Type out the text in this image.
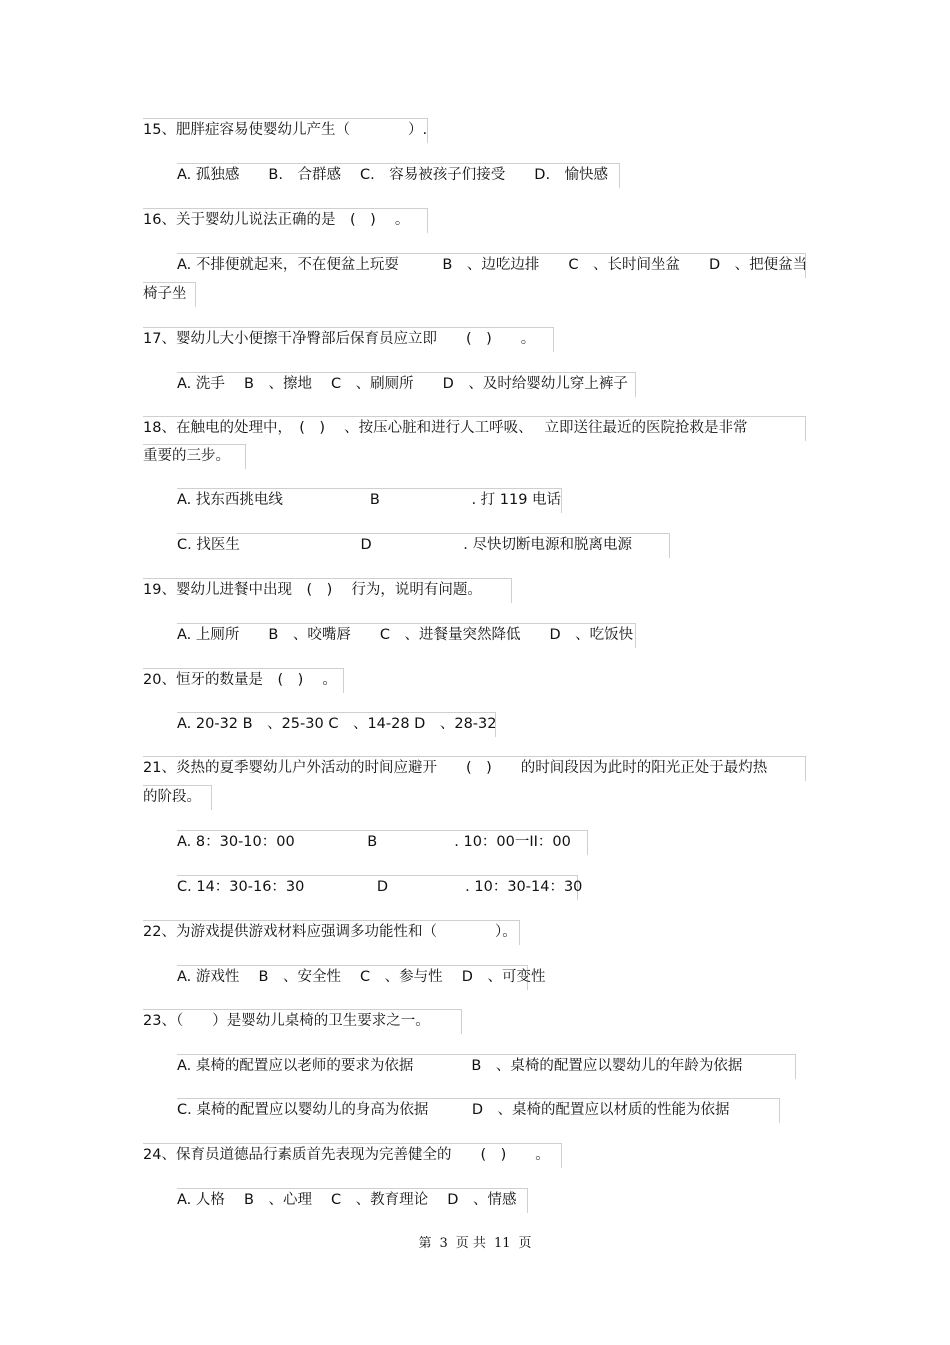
15、肥胖症容易使婴幼儿产生（　　　　）.
A. 孤独感　　B.　合群感　 C.　容易被孩子们接受　　D.　愉快感
16、关于婴幼儿说法正确的是　(　)　 。
A. 不排便就起来，不在便盆上玩耍　　　B　、边吃边排　　C　、长时间坐盆　　D　、把便盆当
椅子坐
17、婴幼儿大小便擦干净臀部后保育员应立即　　(　)　　。
A. 洗手　 B　、擦地　 C　、刷厕所　　D　、及时给婴幼儿穿上裤子
18、在触电的处理中，　(　)　 、按压心脏和进行人工呼吸、　 立即送往最近的医院抢救是非常
重要的三步。
A. 找东西挑电线　　　　　　B　　　　　　 . 打 119 电话
C. 找医生　　　　　　　　 D　　　　　　 . 尽快切断电源和脱离电源
19、婴幼儿进餐中出现　(　)　 行为，说明有问题。
A. 上厕所　　B　、咬嘴唇　　C　、进餐量突然降低　　D　、吃饭快
20、恒牙的数量是　(　)　 。
A. 20-32 B　、25-30 C　、14-28 D　、28-32
21、炎热的夏季婴幼儿户外活动的时间应避开　　(　)　　的时间段因为此时的阳光正处于最灼热
的阶段。
A. 8：30-10：00　　　　　B　　　　　 . 10：00一II：00
C. 14：30-16：30　　　　　D　　　　　 . 10：30-14：30
22、为游戏提供游戏材料应强调多功能性和（　　　　）。
A. 游戏性　 B　、安全性　 C　、参与性　 D　、可变性
23、（　　）是婴幼儿桌椅的卫生要求之一。
A. 桌椅的配置应以老师的要求为依据　　　　B　、桌椅的配置应以婴幼儿的年龄为依据
C. 桌椅的配置应以婴幼儿的身高为依据　　　D　、桌椅的配置应以材质的性能为依据
24、保育员道德品行素质首先表现为完善健全的　　(　)　　。
A. 人格　 B　、心理　 C　、教育理论　 D　、情感
第 3 页 共 11 页
